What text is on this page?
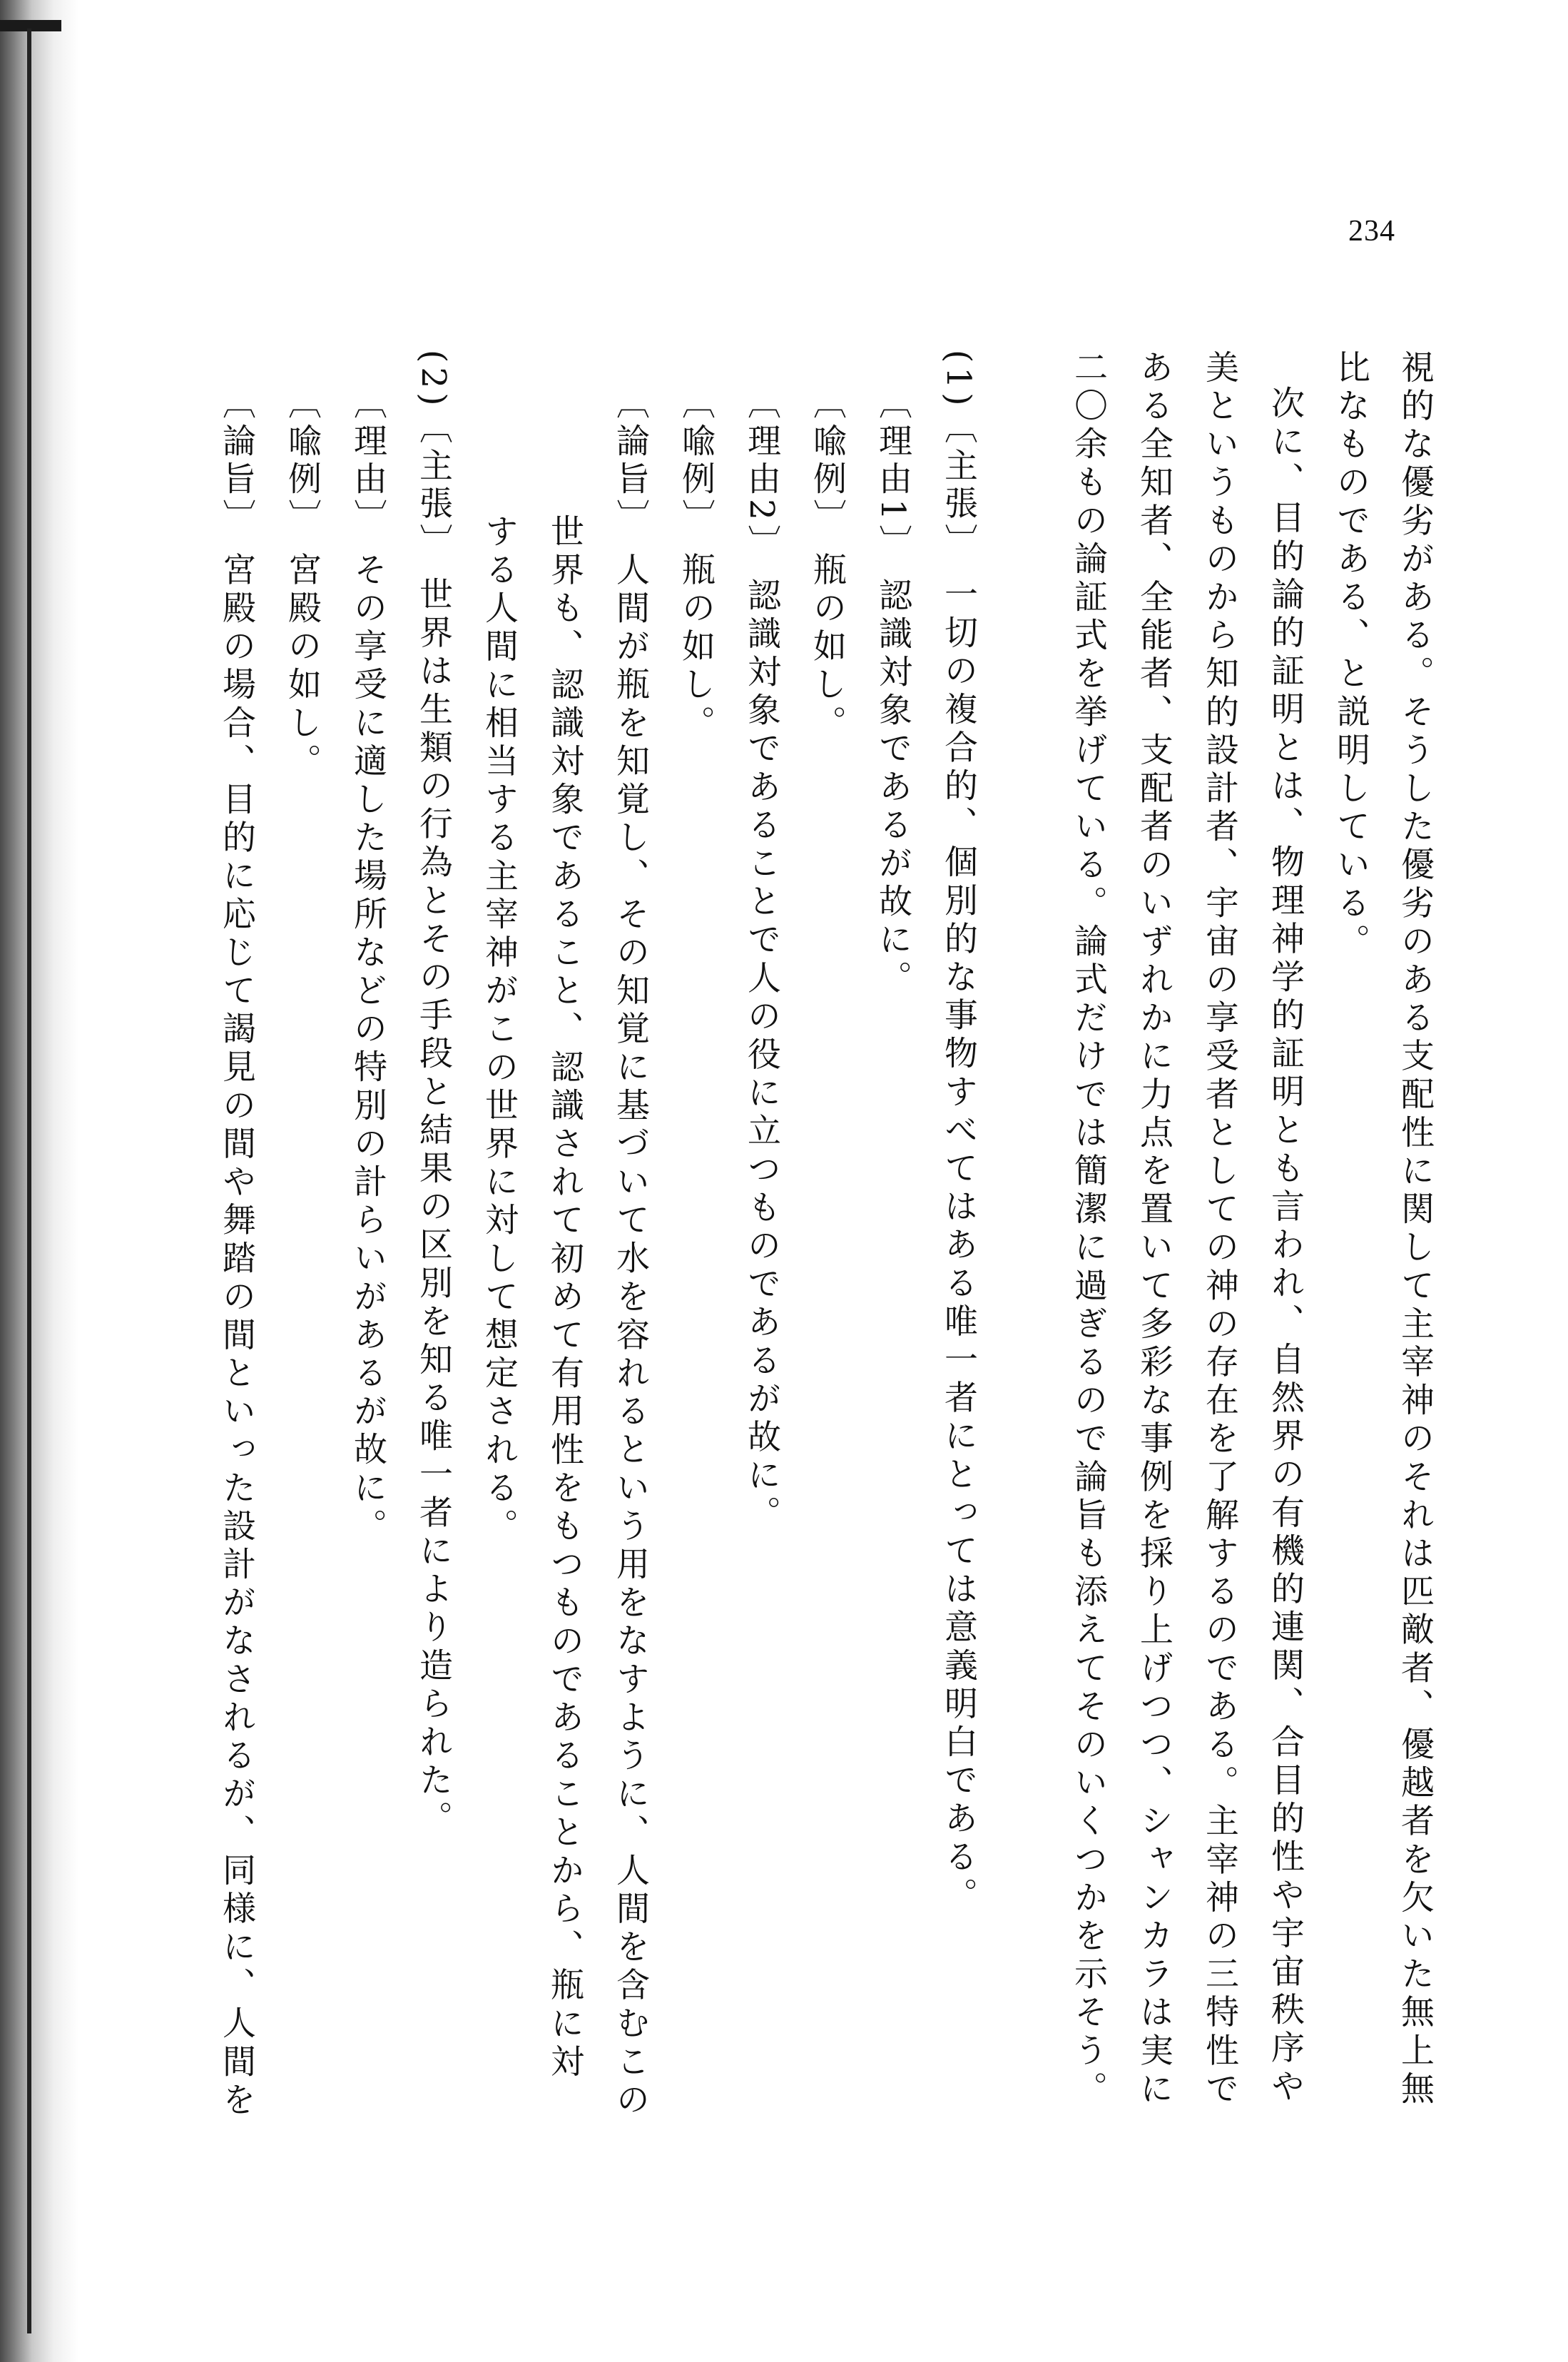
234
視的な優劣がある。そうした優劣のある支配性に関して主宰神のそれは匹敵者、優越者を欠いた無上無
比なものである、と説明している。
次に、目的論的証明とは、物理神学的証明とも言われ、自然界の有機的連関、合目的性や宇宙秩序や
美というものから知的設計者、宇宙の享受者としての神の存在を了解するのである。主宰神の三特性で
ある全知者、全能者、支配者のいずれかに力点を置いて多彩な事例を採り上げつつ、シャンカラは実に
二〇余もの論証式を挙げている。論式だけでは簡潔に過ぎるので論旨も添えてそのいくつかを示そう。
(1)〔主張〕 一切の複合的、個別的な事物すべてはある唯一者にとっては意義明白である。
〔理由1〕 認識対象であるが故に。
〔喩例〕 瓶の如し。
〔理由2〕 認識対象であることで人の役に立つものであるが故に。
〔喩例〕 瓶の如し。
〔論旨〕 人間が瓶を知覚し、その知覚に基づいて水を容れるという用をなすように、人間を含むこの
世界も、認識対象であること、認識されて初めて有用性をもつものであることから、瓶に対
する人間に相当する主宰神がこの世界に対して想定される。
(2)〔主張〕 世界は生類の行為とその手段と結果の区別を知る唯一者により造られた。
〔理由〕 その享受に適した場所などの特別の計らいがあるが故に。
〔喩例〕 宮殿の如し。
〔論旨〕 宮殿の場合、目的に応じて謁見の間や舞踏の間といった設計がなされるが、同様に、人間を
